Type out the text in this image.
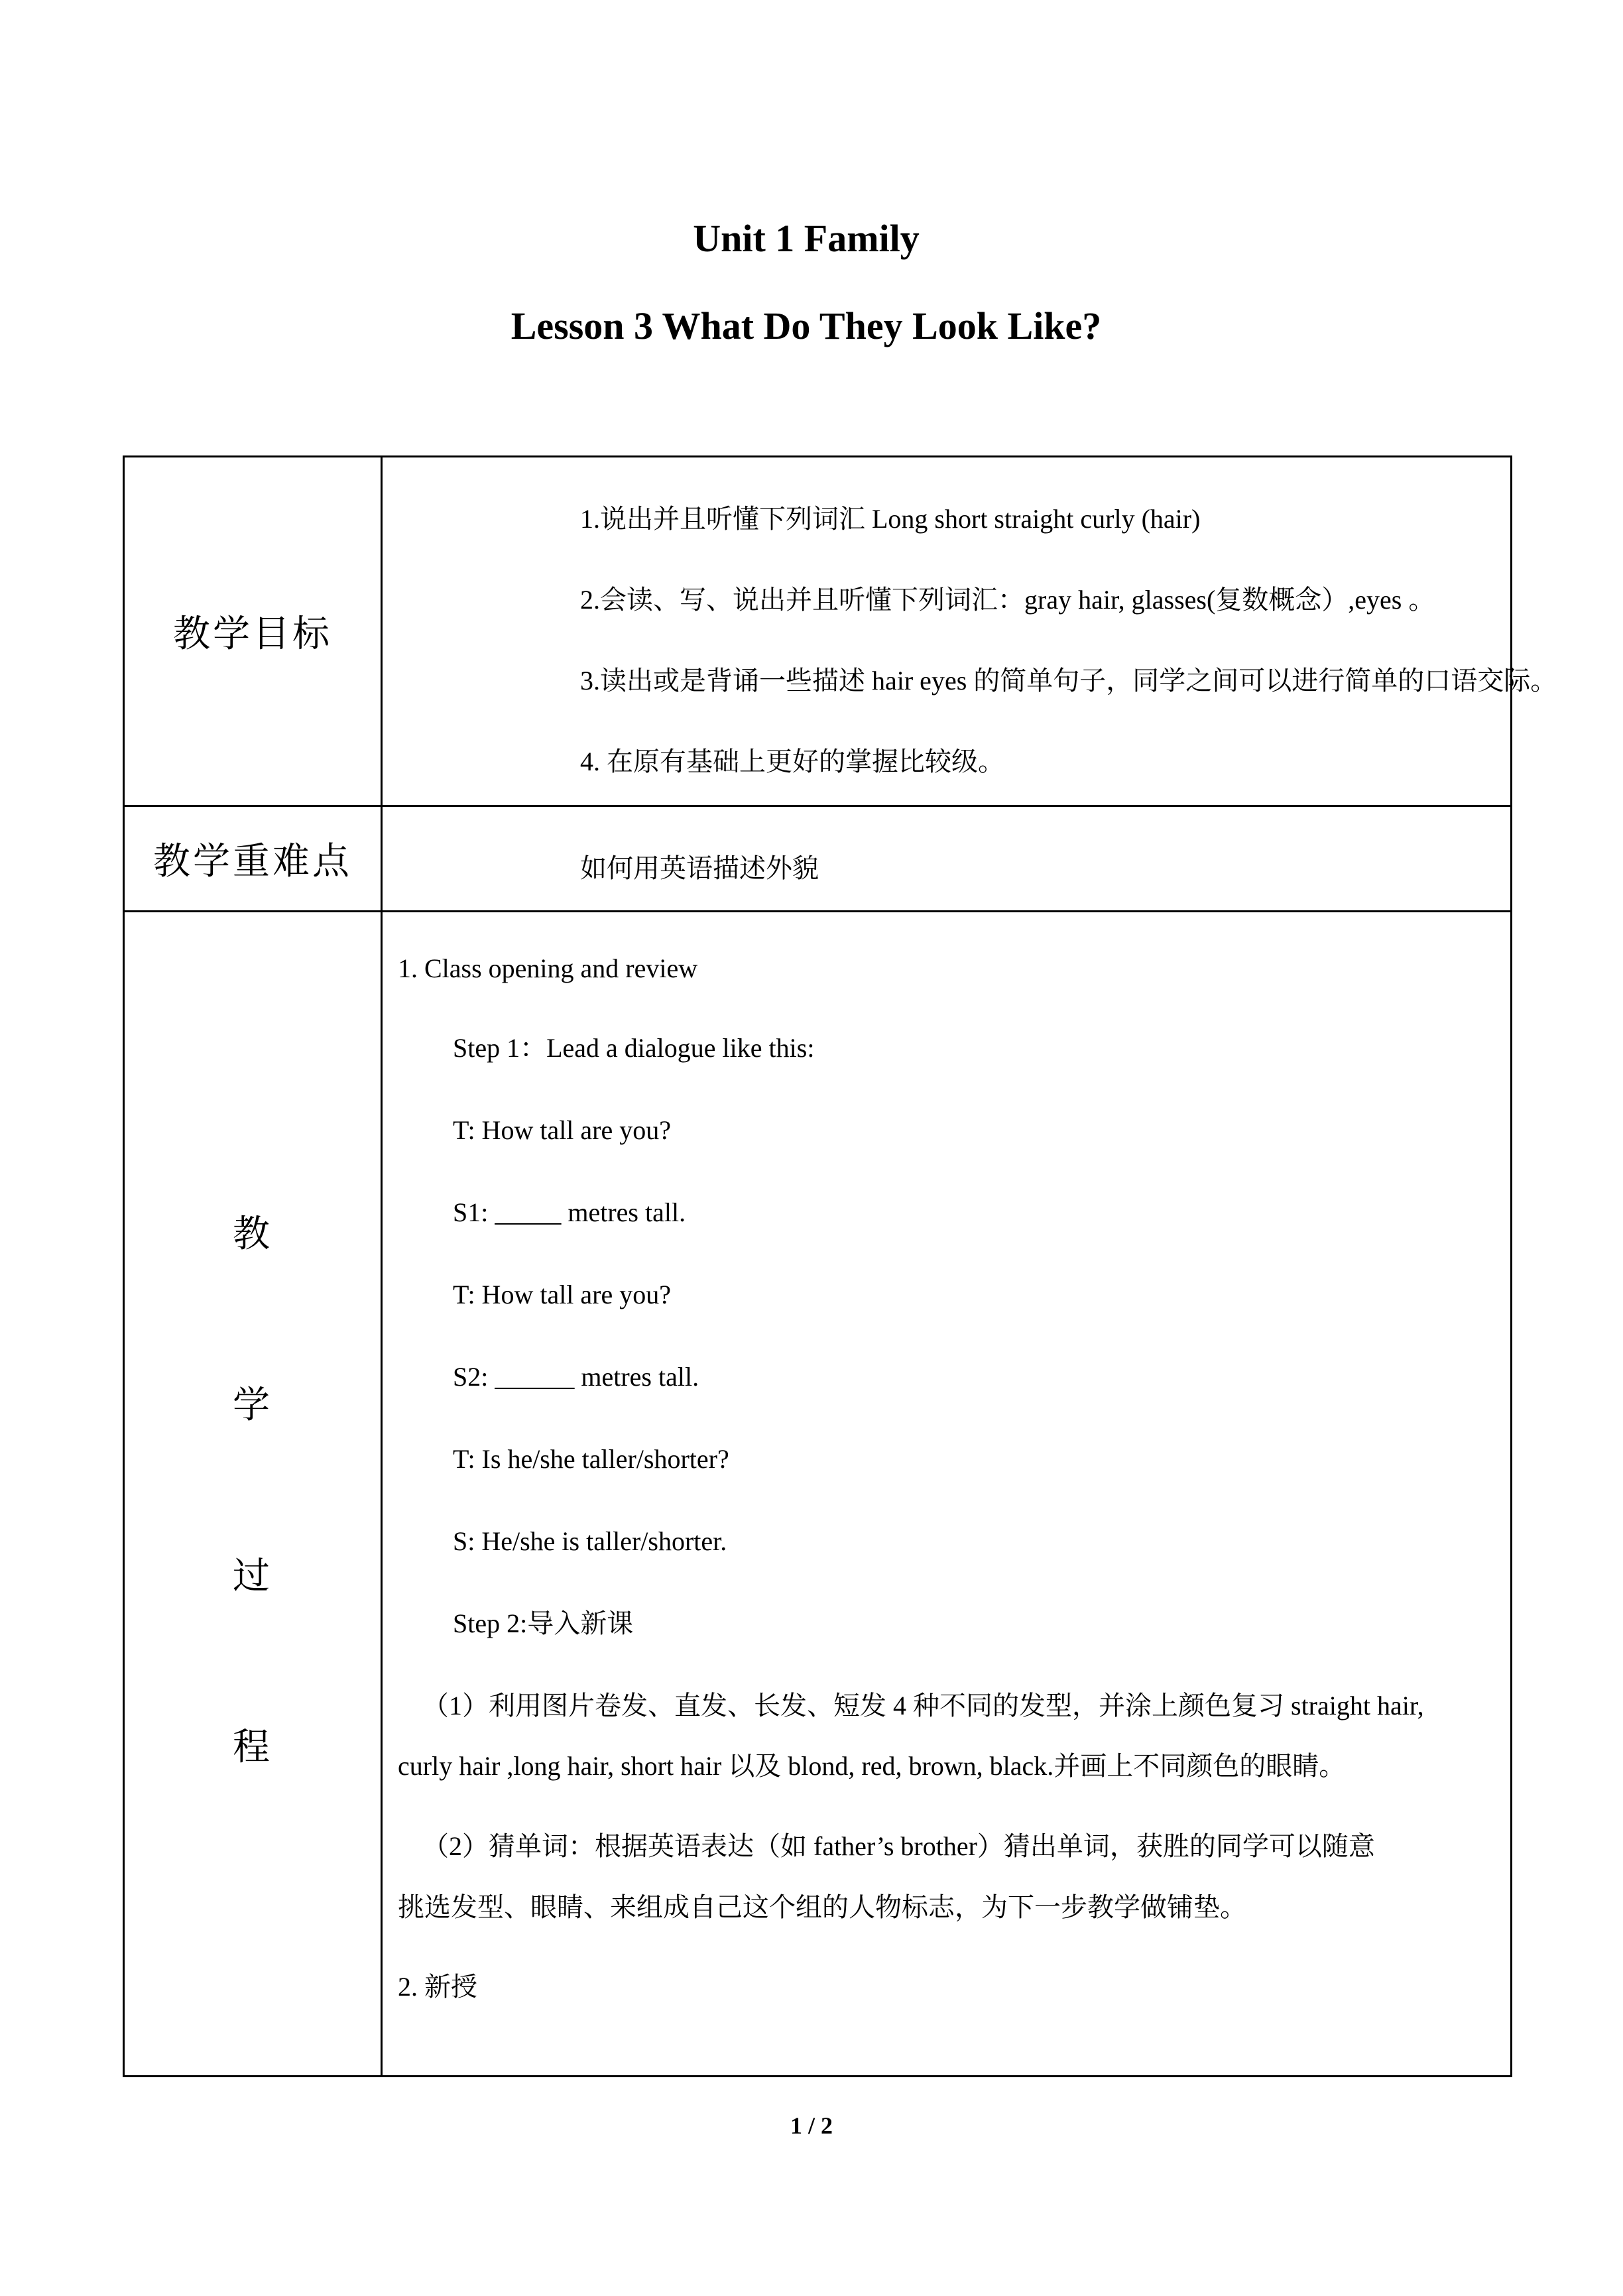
Unit 1 Family
Lesson 3 What Do They Look Like?
教学目标
1.说出并且听懂下列词汇 Long short straight curly (hair)
2.会读、写、说出并且听懂下列词汇：gray hair, glasses(复数概念）,eyes 。
3.读出或是背诵一些描述 hair eyes 的简单句子，同学之间可以进行简单的口语交际。
4. 在原有基础上更好的掌握比较级。
教学重难点	如何用英语描述外貌
教
学
过
程
1. Class opening and review
Step 1：Lead a dialogue like this:
T: How tall are you?
S1: _____ metres tall.
T: How tall are you?
S2: ______ metres tall.
T: Is he/she taller/shorter?
S: He/she is taller/shorter.
Step 2:导入新课
（1）利用图片卷发、直发、长发、短发 4 种不同的发型，并涂上颜色复习 straight hair,
curly hair ,long hair, short hair 以及 blond, red, brown, black.并画上不同颜色的眼睛。
（2）猜单词：根据英语表达（如 father’s brother）猜出单词，获胜的同学可以随意
挑选发型、眼睛、来组成自己这个组的人物标志，为下一步教学做铺垫。
2. 新授
1 / 2
